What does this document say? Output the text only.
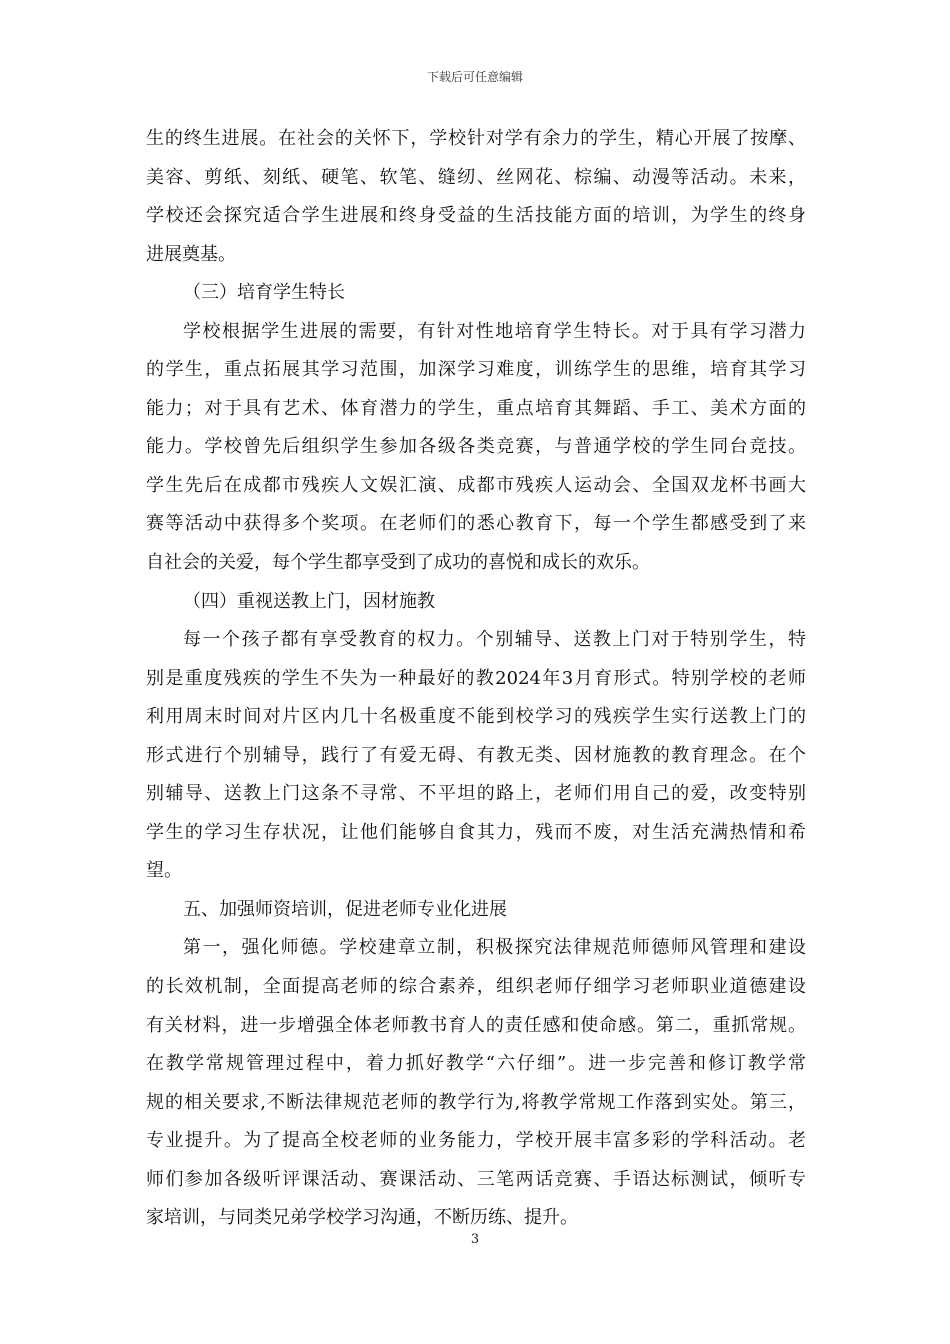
下载后可任意编辑
生的终生进展。在社会的关怀下，学校针对学有余力的学生，精心开展了按摩、
美容、剪纸、刻纸、硬笔、软笔、缝纫、丝网花、棕编、动漫等活动。未来，
学校还会探究适合学生进展和终身受益的生活技能方面的培训，为学生的终身
进展奠基。
（三）培育学生特长
学校根据学生进展的需要，有针对性地培育学生特长。对于具有学习潜力
的学生，重点拓展其学习范围，加深学习难度，训练学生的思维，培育其学习
能力；对于具有艺术、体育潜力的学生，重点培育其舞蹈、手工、美术方面的
能力。学校曾先后组织学生参加各级各类竞赛，与普通学校的学生同台竞技。
学生先后在成都市残疾人文娱汇演、成都市残疾人运动会、全国双龙杯书画大
赛等活动中获得多个奖项。在老师们的悉心教育下，每一个学生都感受到了来
自社会的关爱，每个学生都享受到了成功的喜悦和成长的欢乐。
（四）重视送教上门，因材施教
每一个孩子都有享受教育的权力。个别辅导、送教上门对于特别学生，特
别是重度残疾的学生不失为一种最好的教2024年3月育形式。特别学校的老师
利用周末时间对片区内几十名极重度不能到校学习的残疾学生实行送教上门的
形式进行个别辅导，践行了有爱无碍、有教无类、因材施教的教育理念。在个
别辅导、送教上门这条不寻常、不平坦的路上，老师们用自己的爱，改变特别
学生的学习生存状况，让他们能够自食其力，残而不废，对生活充满热情和希
望。
五、加强师资培训，促进老师专业化进展
第一，强化师德。学校建章立制，积极探究法律规范师德师风管理和建设
的长效机制，全面提高老师的综合素养，组织老师仔细学习老师职业道德建设
有关材料，进一步增强全体老师教书育人的责任感和使命感。第二，重抓常规。
在教学常规管理过程中，着力抓好教学“六仔细”。进一步完善和修订教学常
规的相关要求,不断法律规范老师的教学行为,将教学常规工作落到实处。第三，
专业提升。为了提高全校老师的业务能力，学校开展丰富多彩的学科活动。老
师们参加各级听评课活动、赛课活动、三笔两话竞赛、手语达标测试，倾听专
家培训，与同类兄弟学校学习沟通，不断历练、提升。
3
